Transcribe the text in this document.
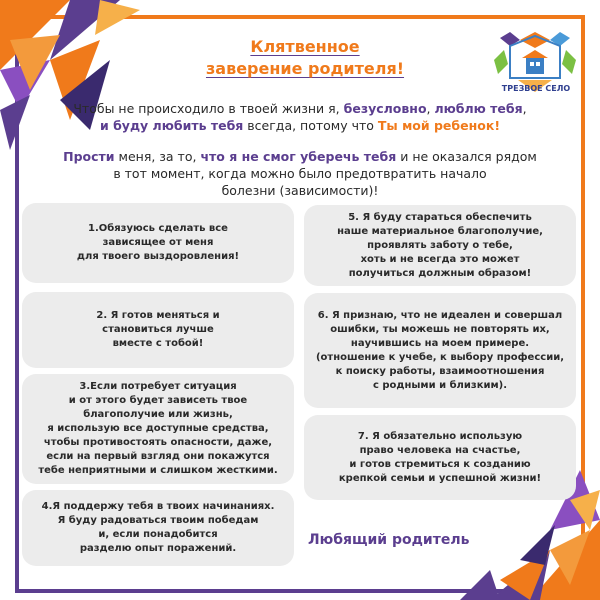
Клятвенное
заверение родителя!
ТРЕЗВОЕ СЕЛО
Чтобы не происходило в твоей жизни я, безусловно, люблю тебя,
и буду любить тебя всегда, потому что Ты мой ребенок!
Прости меня, за то, что я не смог уберечь тебя и не оказался рядом
в тот момент, когда можно было предотвратить начало
болезни (зависимости)!
1.Обязуюсь сделать все
зависящее от меня
для твоего выздоровления!
2. Я готов меняться и
становиться лучше
вместе с тобой!
3.Если потребует ситуация
и от этого будет зависеть твое
благополучие или жизнь,
я использую все доступные средства,
чтобы противостоять опасности, даже,
если на первый взгляд они покажутся
тебе неприятными и слишком жесткими.
4.Я поддержу тебя в твоих начинаниях.
Я буду радоваться твоим победам
и, если понадобится
разделю опыт поражений.
5. Я буду стараться обеспечить
наше материальное благополучие,
проявлять заботу о тебе,
хоть и не всегда это может
получиться должным образом!
6. Я признаю, что не идеален и совершал
ошибки, ты можешь не повторять их,
научившись на моем примере.
(отношение к учебе, к выбору профессии,
к поиску работы, взаимоотношения
с родными и близким).
7. Я обязательно использую
право человека на счастье,
и готов стремиться к созданию
крепкой семьи и успешной жизни!
Любящий родитель
